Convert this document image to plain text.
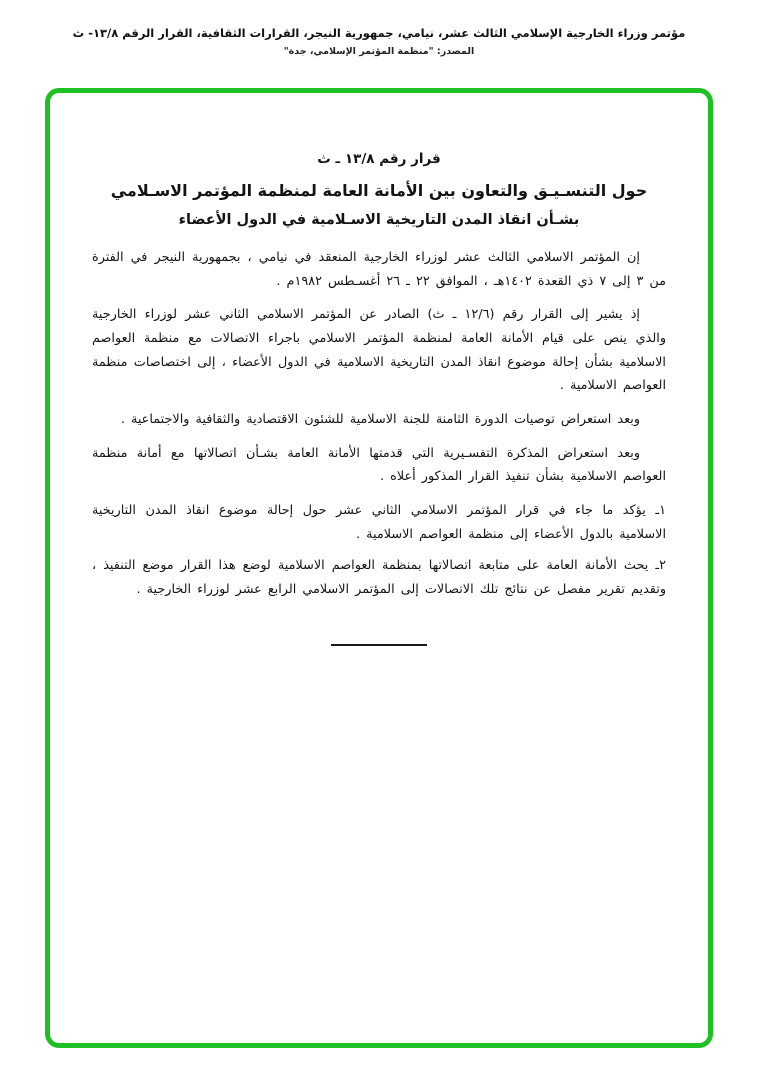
مؤتمر وزراء الخارجية الإسلامي الثالث عشر، نيامي، جمهورية النيجر، القرارات الثقافية، القرار الرقم ١٣/٨- ث
المصدر: "منظمة المؤتمر الإسلامي، جدة"
قرار رقم ١٣/٨ ـ ث
حول التنسـيـق والتعاون بين الأمانة العامة لمنظمة المؤتمر الاسـلامي
بشـأن انقاذ المدن التاريخية الاسـلامية في الدول الأعضاء

إن المؤتمر الاسلامي الثالث عشر لوزراء الخارجية المنعقد في نيامي ، بجمهورية النيجر في الفترة من ٣ إلى ٧ ذي القعدة ١٤٠٢هـ ، الموافق ٢٢ ـ ٢٦ أغسـطس ١٩٨٢م .

إذ يشير إلى القرار رقم (١٢/٦ ـ ث) الصادر عن المؤتمر الاسلامي الثاني عشر لوزراء الخارجية والذي ينص على قيام الأمانة العامة لمنظمة المؤتمر الاسلامي باجراء الاتصالات مع منظمة العواصم الاسلامية بشأن إحالة موضوع انقاذ المدن التاريخية الاسلامية في الدول الأعضاء ، إلى اختصاصات منظمة العواصم الاسلامية .

وبعد استعراض توصيات الدورة الثامنة للجنة الاسلامية للشئون الاقتصادية والثقافية والاجتماعية .

وبعد استعراض المذكرة التفسـيرية التي قدمتها الأمانة العامة بشـأن اتصالاتها مع أمانة منظمة العواصم الاسلامية بشأن تنفيذ القرار المذكور أعلاه .

١ـ يؤكد ما جاء في قرار المؤتمر الاسلامي الثاني عشر حول إحالة موضوع انقاذ المدن التاريخية الاسلامية بالدول الأعضاء إلى منظمة العواصم الاسلامية .

٢ـ يحث الأمانة العامة على متابعة اتصالاتها بمنظمة العواصم الاسلامية لوضع هذا القرار موضع التنفيذ ، وتقديم تقرير مفصل عن نتائج تلك الاتصالات إلى المؤتمر الاسلامي الرابع عشر لوزراء الخارجية .
